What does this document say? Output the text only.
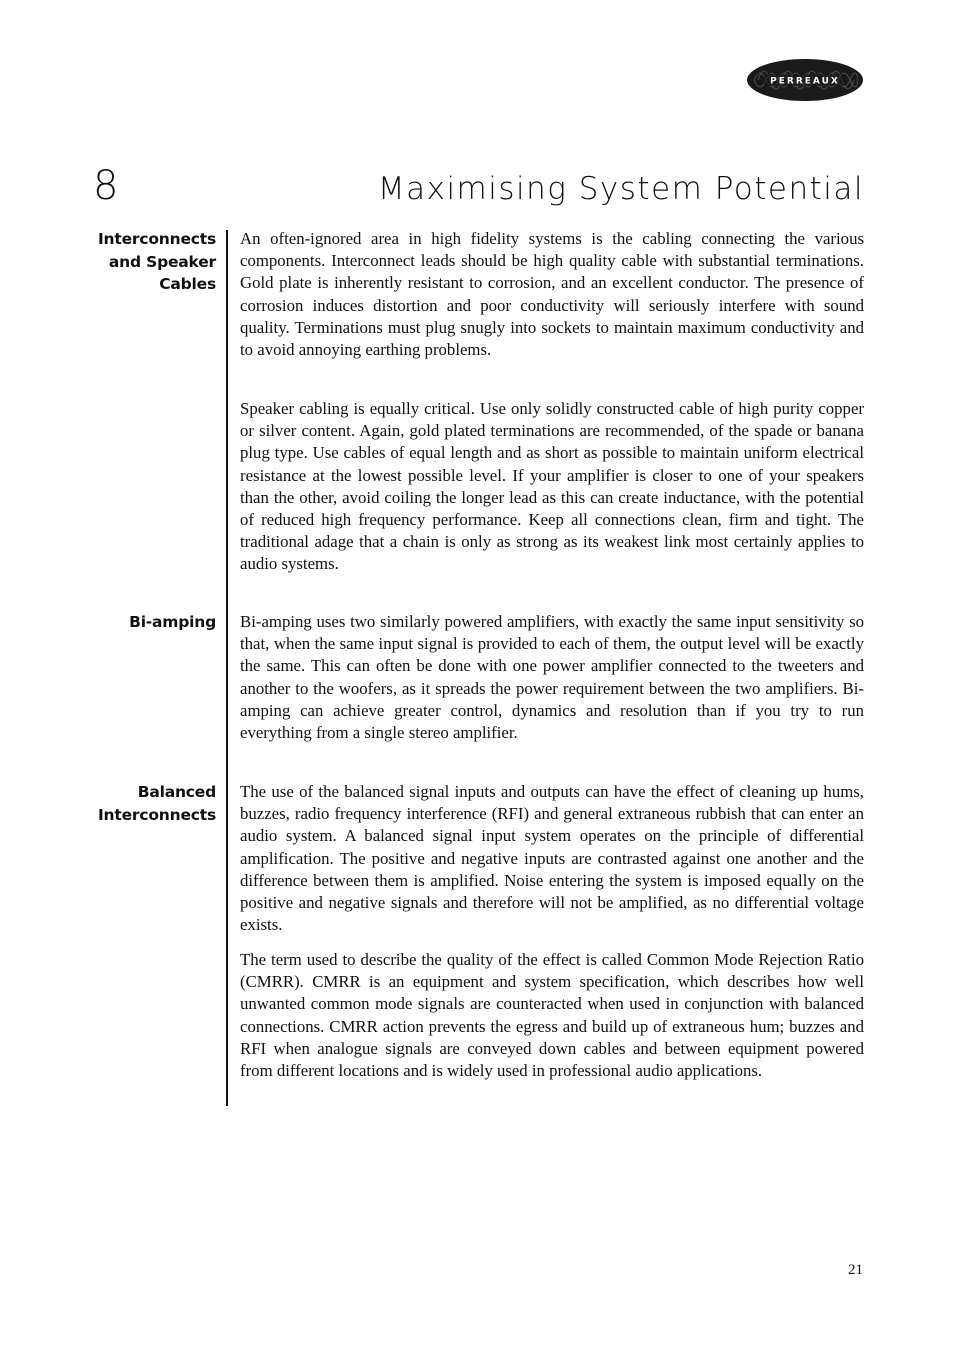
PERREAUX
8	Maximising System Potential
Interconnects
and Speaker
Cables

An often-ignored area in high fidelity systems is the cabling connecting the various components. Interconnect leads should be high quality cable with substantial terminations. Gold plate is inherently resistant to corrosion, and an excellent conductor. The presence of corrosion induces distortion and poor conductivity will seriously interfere with sound quality. Terminations must plug snugly into sockets to maintain maximum conductivity and to avoid annoying earthing problems.

Speaker cabling is equally critical. Use only solidly constructed cable of high purity copper or silver content. Again, gold plated terminations are recommended, of the spade or banana plug type. Use cables of equal length and as short as possible to maintain uniform electrical resistance at the lowest possible level. If your amplifier is closer to one of your speakers than the other, avoid coiling the longer lead as this can create inductance, with the potential of reduced high frequency performance. Keep all connections clean, firm and tight. The traditional adage that a chain is only as strong as its weakest link most certainly applies to audio systems.

Bi-amping Bi-amping uses two similarly powered amplifiers, with exactly the same input sensitivity so that, when the same input signal is provided to each of them, the output level will be exactly the same. This can often be done with one power amplifier connected to the tweeters and another to the woofers, as it spreads the power requirement between the two amplifiers. Bi-amping can achieve greater control, dynamics and resolution than if you try to run everything from a single stereo amplifier.

Balanced
Interconnects

The use of the balanced signal inputs and outputs can have the effect of cleaning up hums, buzzes, radio frequency interference (RFI) and general extraneous rubbish that can enter an audio system. A balanced signal input system operates on the principle of differential amplification. The positive and negative inputs are contrasted against one another and the difference between them is amplified. Noise entering the system is imposed equally on the positive and negative signals and therefore will not be amplified, as no differential voltage exists.

The term used to describe the quality of the effect is called Common Mode Rejection Ratio (CMRR). CMRR is an equipment and system specification, which describes how well unwanted common mode signals are counteracted when used in conjunction with balanced connections. CMRR action prevents the egress and build up of extraneous hum; buzzes and RFI when analogue signals are conveyed down cables and between equipment powered from different locations and is widely used in professional audio applications.

21
